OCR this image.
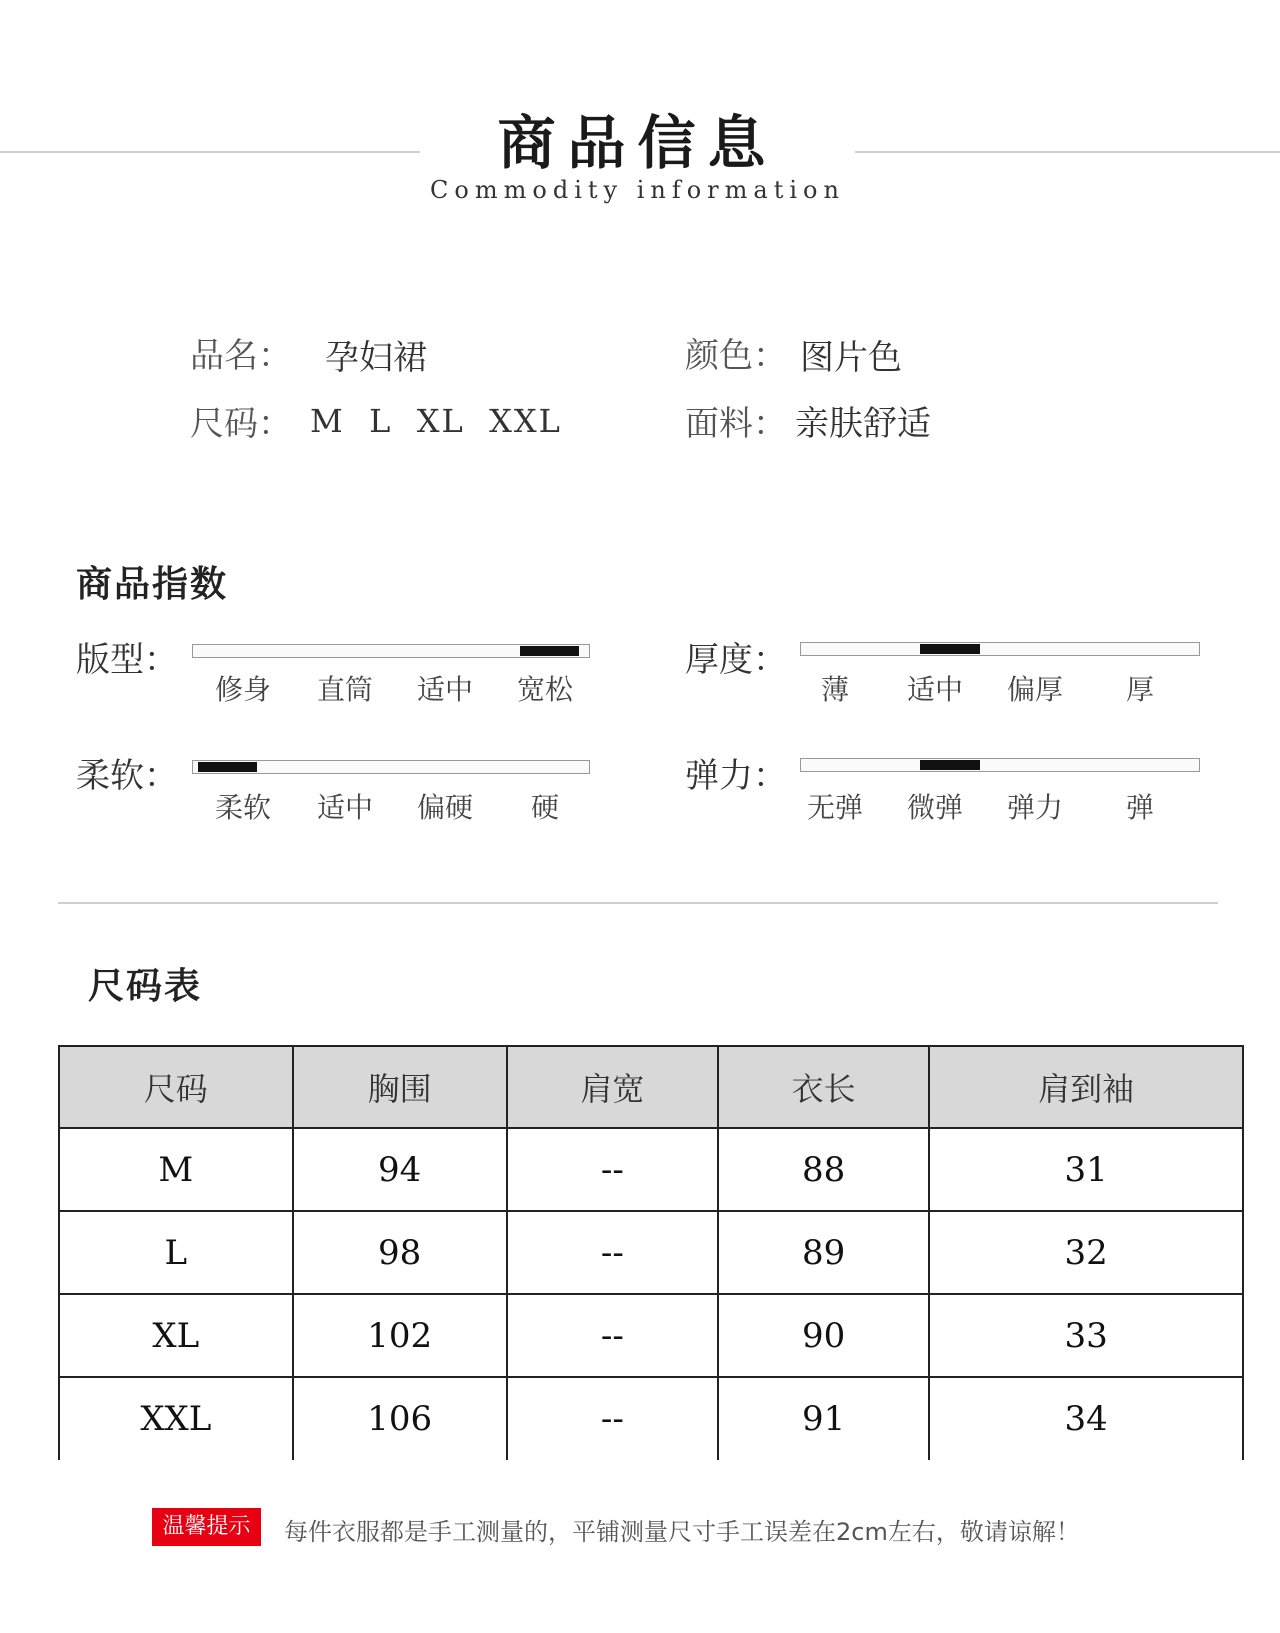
商品信息
Commodity information
品名： 孕妇裙	颜色： 图片色
尺码： M  L  XL  XXL	面料： 亲肤舒适
商品指数
版型：
修身	直筒	适中	宽松
厚度：
薄	适中	偏厚	厚
柔软：
柔软	适中	偏硬	硬
弹力：
无弹	微弹	弹力	弹
尺码表
尺码	胸围	肩宽	衣长	肩到袖
M	94	--	88	31
L	98	--	89	32
XL	102	--	90	33
XXL	106	--	91	34
温馨提示	每件衣服都是手工测量的，平铺测量尺寸手工误差在2cm左右，敬请谅解！
